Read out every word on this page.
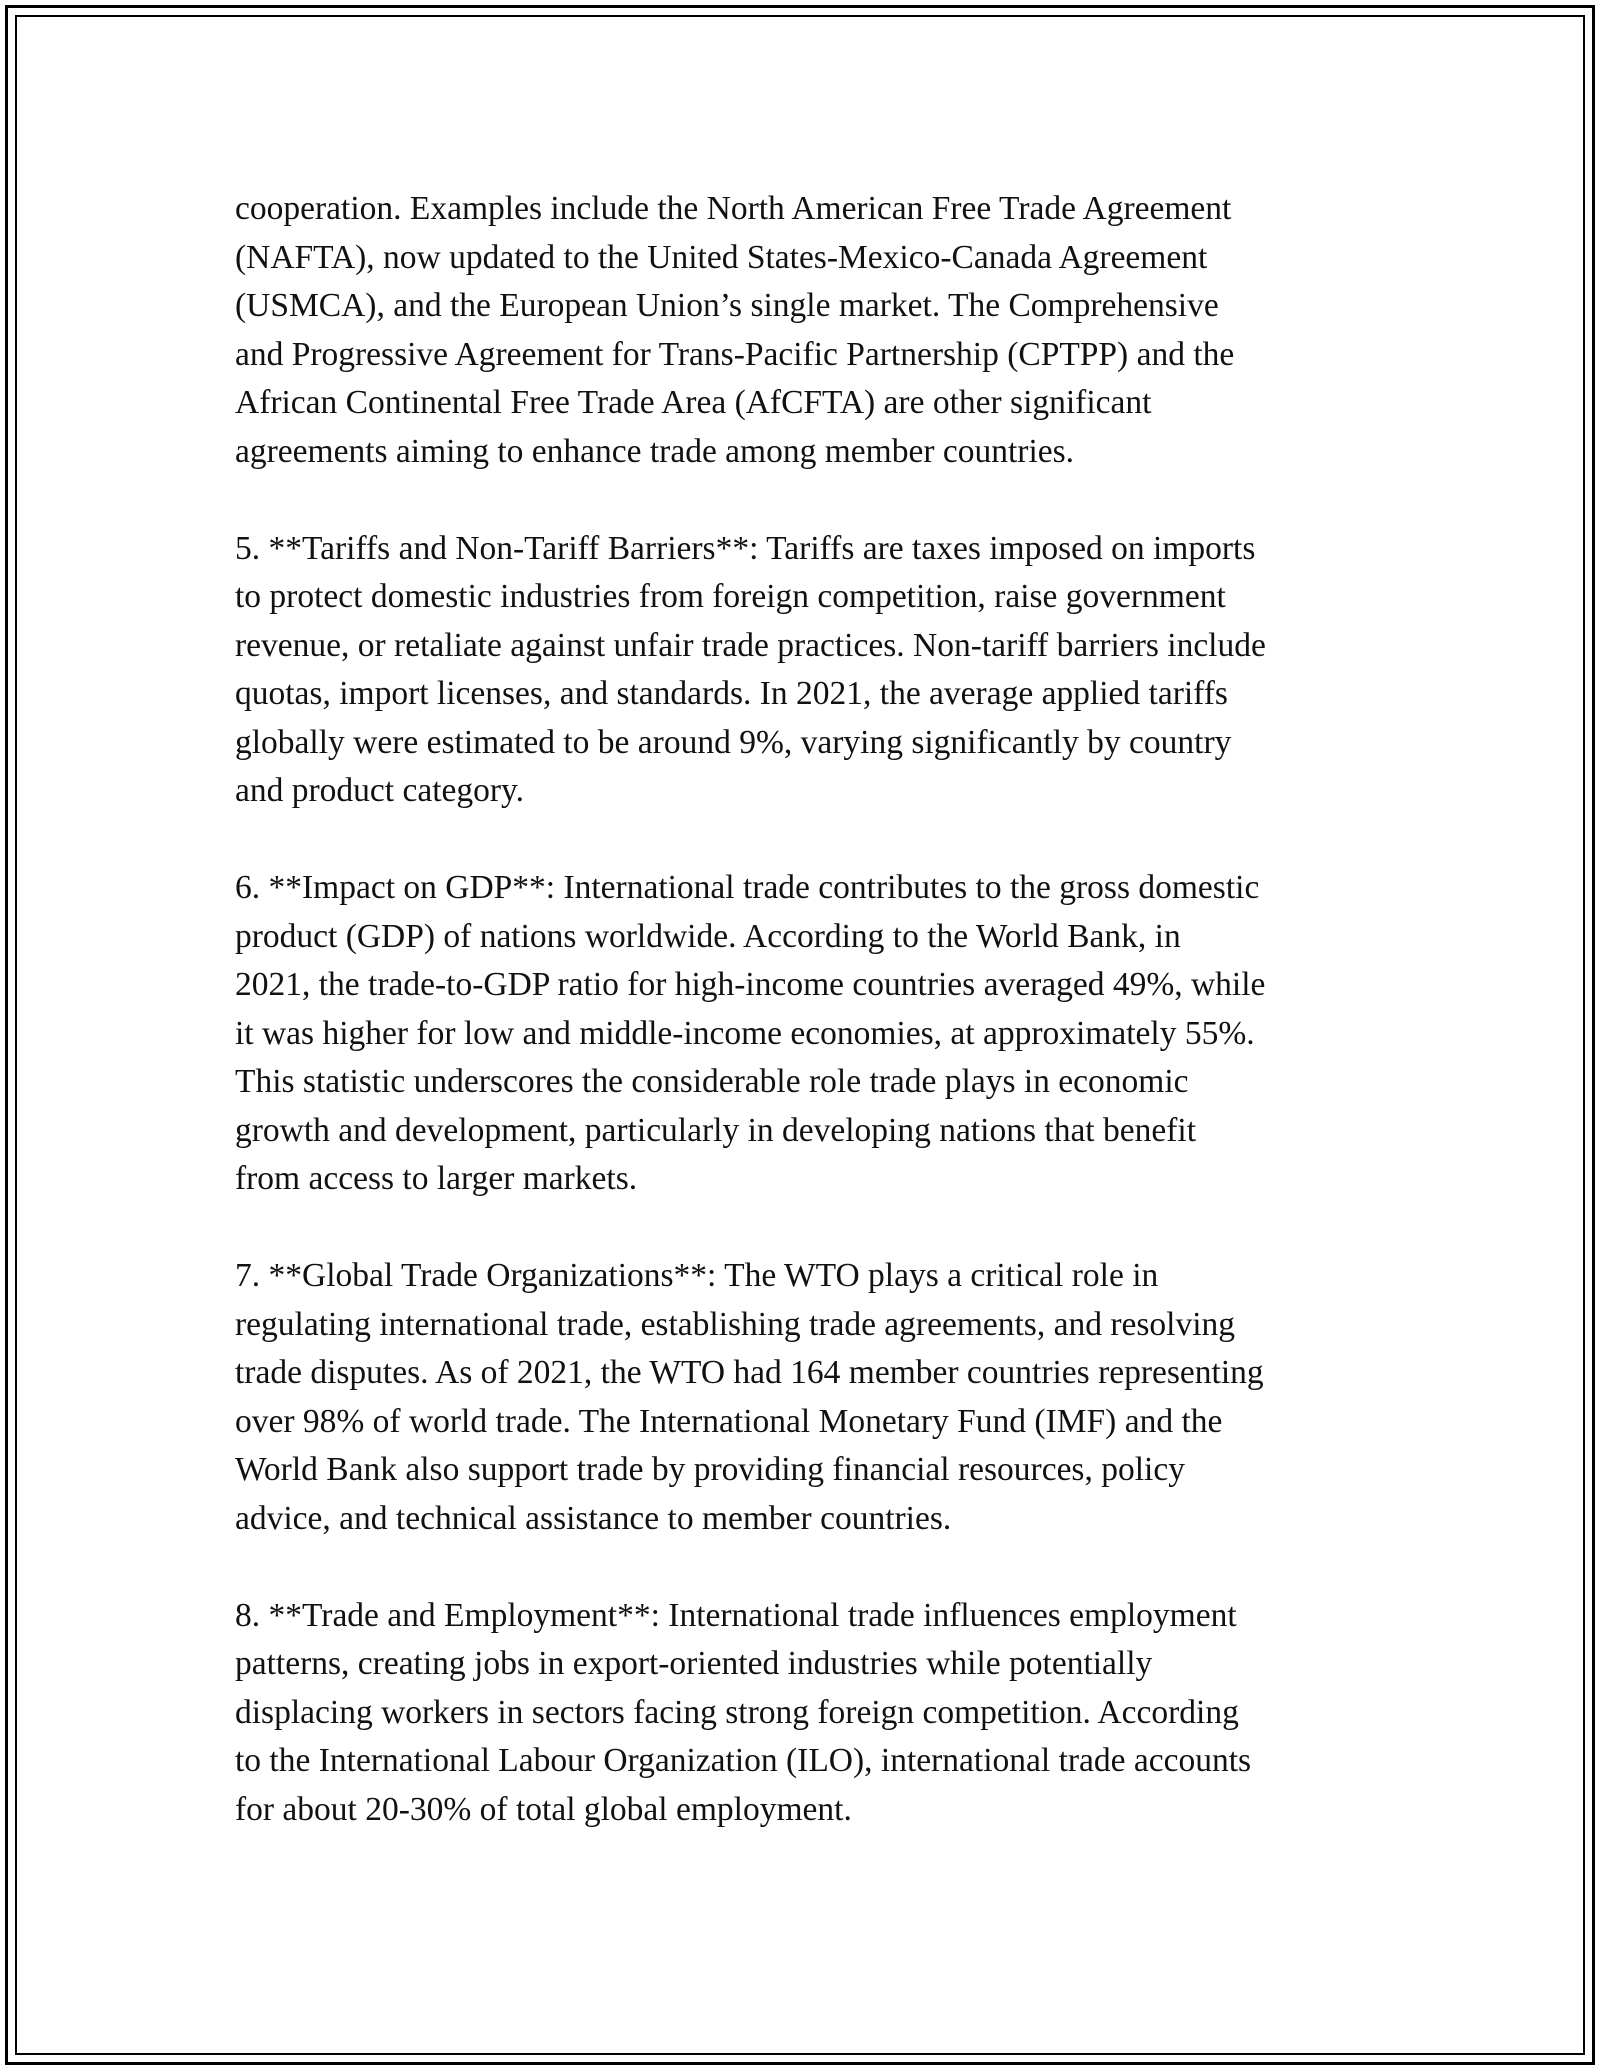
cooperation. Examples include the North American Free Trade Agreement
(NAFTA), now updated to the United States-Mexico-Canada Agreement
(USMCA), and the European Union’s single market. The Comprehensive
and Progressive Agreement for Trans-Pacific Partnership (CPTPP) and the
African Continental Free Trade Area (AfCFTA) are other significant
agreements aiming to enhance trade among member countries.

5. **Tariffs and Non-Tariff Barriers**: Tariffs are taxes imposed on imports
to protect domestic industries from foreign competition, raise government
revenue, or retaliate against unfair trade practices. Non-tariff barriers include
quotas, import licenses, and standards. In 2021, the average applied tariffs
globally were estimated to be around 9%, varying significantly by country
and product category.

6. **Impact on GDP**: International trade contributes to the gross domestic
product (GDP) of nations worldwide. According to the World Bank, in
2021, the trade-to-GDP ratio for high-income countries averaged 49%, while
it was higher for low and middle-income economies, at approximately 55%.
This statistic underscores the considerable role trade plays in economic
growth and development, particularly in developing nations that benefit
from access to larger markets.

7. **Global Trade Organizations**: The WTO plays a critical role in
regulating international trade, establishing trade agreements, and resolving
trade disputes. As of 2021, the WTO had 164 member countries representing
over 98% of world trade. The International Monetary Fund (IMF) and the
World Bank also support trade by providing financial resources, policy
advice, and technical assistance to member countries.

8. **Trade and Employment**: International trade influences employment
patterns, creating jobs in export-oriented industries while potentially
displacing workers in sectors facing strong foreign competition. According
to the International Labour Organization (ILO), international trade accounts
for about 20-30% of total global employment.
